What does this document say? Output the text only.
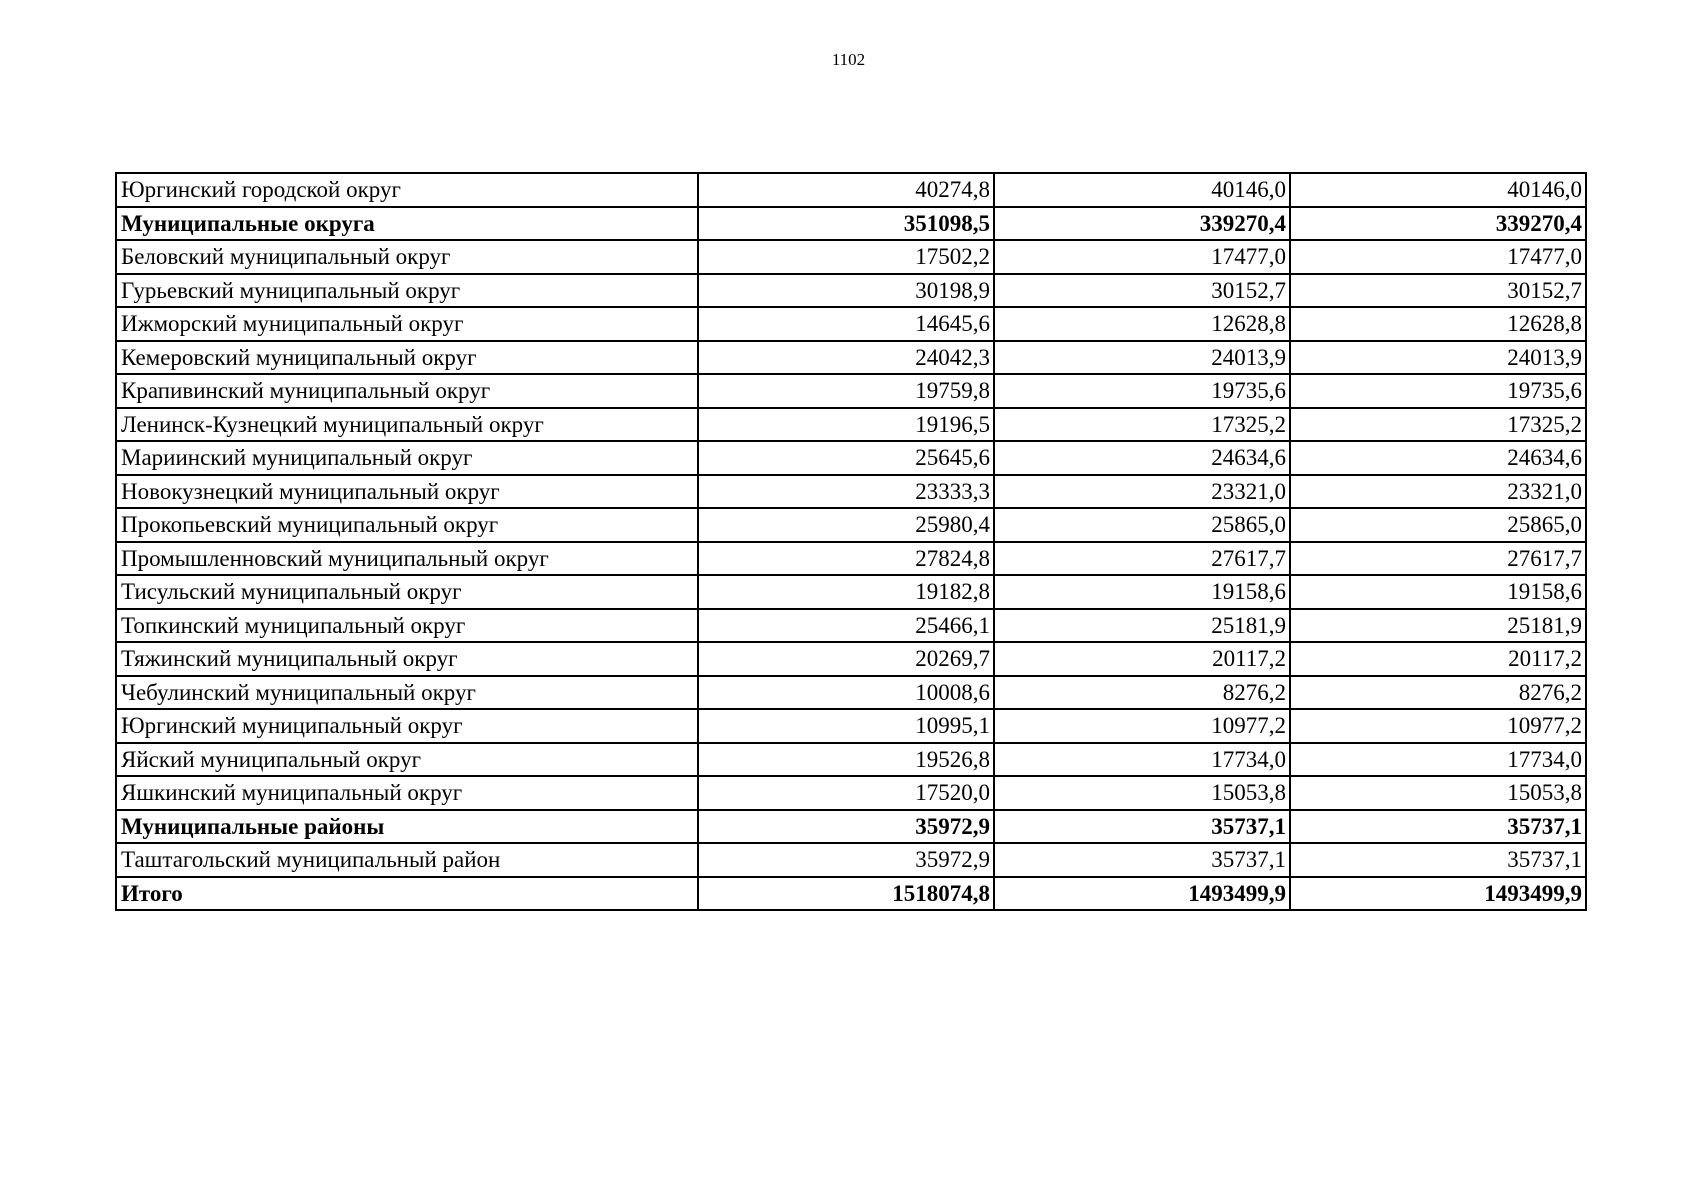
1102
Юргинский городской округ	40274,8	40146,0	40146,0
Муниципальные округа	351098,5	339270,4	339270,4
Беловский муниципальный округ	17502,2	17477,0	17477,0
Гурьевский муниципальный округ	30198,9	30152,7	30152,7
Ижморский муниципальный округ	14645,6	12628,8	12628,8
Кемеровский муниципальный округ	24042,3	24013,9	24013,9
Крапивинский муниципальный округ	19759,8	19735,6	19735,6
Ленинск-Кузнецкий муниципальный округ	19196,5	17325,2	17325,2
Мариинский муниципальный округ	25645,6	24634,6	24634,6
Новокузнецкий муниципальный округ	23333,3	23321,0	23321,0
Прокопьевский муниципальный округ	25980,4	25865,0	25865,0
Промышленновский муниципальный округ	27824,8	27617,7	27617,7
Тисульский муниципальный округ	19182,8	19158,6	19158,6
Топкинский муниципальный округ	25466,1	25181,9	25181,9
Тяжинский муниципальный округ	20269,7	20117,2	20117,2
Чебулинский муниципальный округ	10008,6	8276,2	8276,2
Юргинский муниципальный округ	10995,1	10977,2	10977,2
Яйский муниципальный округ	19526,8	17734,0	17734,0
Яшкинский муниципальный округ	17520,0	15053,8	15053,8
Муниципальные районы	35972,9	35737,1	35737,1
Таштагольский муниципальный район	35972,9	35737,1	35737,1
Итого	1518074,8	1493499,9	1493499,9
